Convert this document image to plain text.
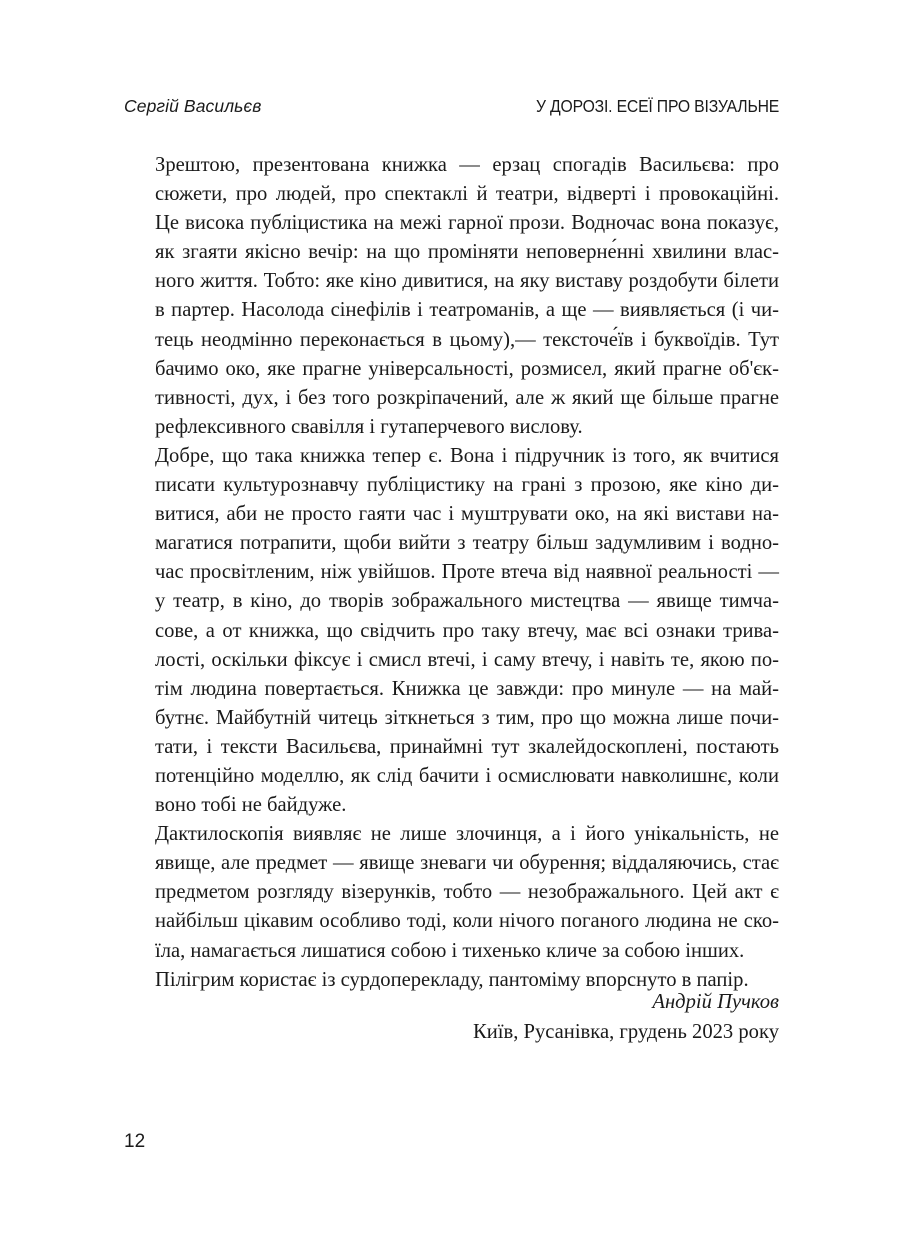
Сергій Васильєв	У ДОРОЗІ. ЕСЕЇ ПРО ВІЗУАЛЬНЕ

Зрештою, презентована книжка — ерзац спогадів Васильєва: про
сюжети, про людей, про спектаклі й театри, відверті і провокаційні.
Це висока публіцистика на межі гарної прози. Водночас вона показує,
як згаяти якісно вечір: на що проміняти неповерне́нні хвилини влас-
ного життя. Тобто: яке кіно дивитися, на яку виставу роздобути білети
в партер. Насолода сінефілів і театроманів, а ще — виявляється (і чи-
тець неодмінно переконається в цьому),— тексточе́їв і буквоїдів. Тут
бачимо око, яке прагне універсальності, розмисел, який прагне об'єк-
тивності, дух, і без того розкріпачений, але ж який ще більше прагне
рефлексивного свавілля і гутаперчевого вислову.

Добре, що така книжка тепер є. Вона і підручник із того, як вчитися
писати культурознавчу публіцистику на грані з прозою, яке кіно ди-
витися, аби не просто гаяти час і муштрувати око, на які вистави на-
магатися потрапити, щоби вийти з театру більш задумливим і водно-
час просвітленим, ніж увійшов. Проте втеча від наявної реальності —
у театр, в кіно, до творів зображального мистецтва — явище тимча-
сове, а от книжка, що свідчить про таку втечу, має всі ознаки трива-
лості, оскільки фіксує і смисл втечі, і саму втечу, і навіть те, якою по-
тім людина повертається. Книжка це завжди: про минуле — на май-
бутнє. Майбутній читець зіткнеться з тим, про що можна лише почи-
тати, і тексти Васильєва, принаймні тут зкалейдоскоплені, постають
потенційно моделлю, як слід бачити і осмислювати навколишнє, коли
воно тобі не байдуже.

Дактилоскопія виявляє не лише злочинця, а і його унікальність, не
явище, але предмет — явище зневаги чи обурення; віддаляючись, стає
предметом розгляду візерунків, тобто — незображального. Цей акт є
найбільш цікавим особливо тоді, коли нічого поганого людина не ско-
їла, намагається лишатися собою і тихенько кличе за собою інших.

Пілігрим користає із сурдоперекладу, пантоміму впорснуто в папір.

Андрій Пучков
Київ, Русанівка, грудень 2023 року
12
